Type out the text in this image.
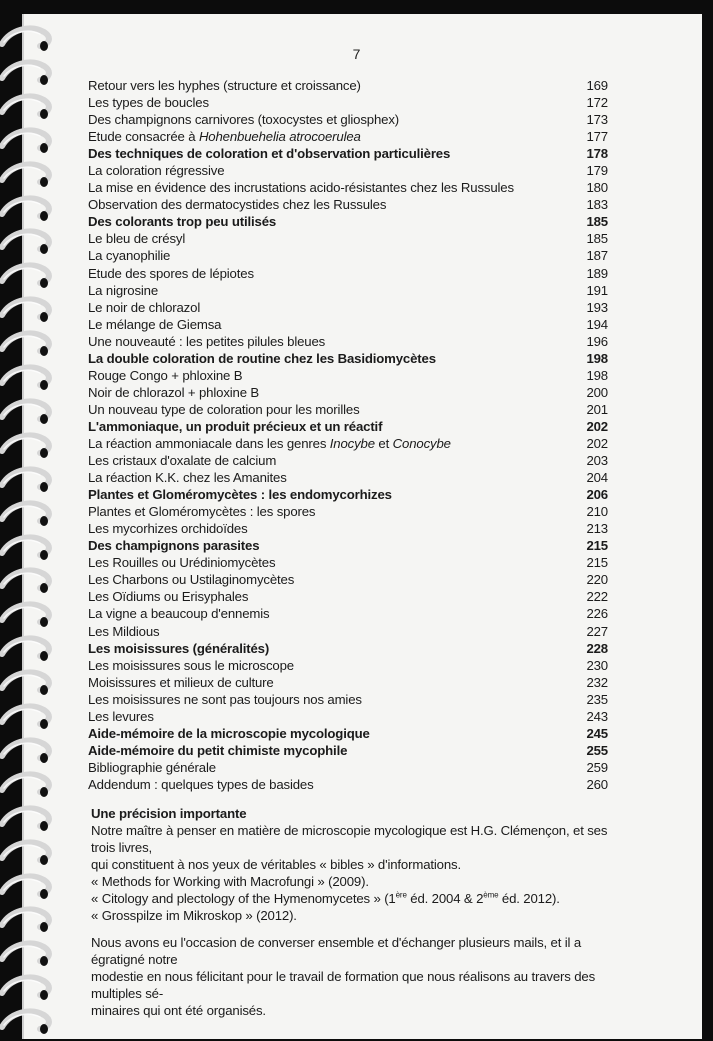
7
Retour vers les hyphes (structure et croissance)	169
Les types de boucles	172
Des champignons carnivores (toxocystes et gliosphex)	173
Etude consacrée à Hohenbuehelia atrocoerulea	177
Des techniques de coloration et d'observation particulières	178
La coloration régressive	179
La mise en évidence des incrustations acido-résistantes chez les Russules	180
Observation des dermatocystides chez les Russules	183
Des colorants trop peu utilisés	185
Le bleu de crésyl	185
La cyanophilie	187
Etude des spores de lépiotes	189
La nigrosine	191
Le noir de chlorazol	193
Le mélange de Giemsa	194
Une nouveauté : les petites pilules bleues	196
La double coloration de routine chez les Basidiomycètes	198
Rouge Congo + phloxine B	198
Noir de chlorazol + phloxine B	200
Un nouveau type de coloration pour les morilles	201
L'ammoniaque, un produit précieux et un réactif	202
La réaction ammoniacale dans les genres Inocybe et Conocybe	202
Les cristaux d'oxalate de calcium	203
La réaction K.K. chez les Amanites	204
Plantes et Gloméromycètes : les endomycorhizes	206
Plantes et Gloméromycètes : les spores	210
Les mycorhizes orchidoïdes	213
Des champignons parasites	215
Les Rouilles ou Urédiniomycètes	215
Les Charbons ou Ustilaginomycètes	220
Les Oïdiums ou Erisyphales	222
La vigne a beaucoup d'ennemis	226
Les Mildious	227
Les moisissures (généralités)	228
Les moisissures sous le microscope	230
Moisissures et milieux de culture	232
Les moisissures ne sont pas toujours nos amies	235
Les levures	243
Aide-mémoire de la microscopie mycologique	245
Aide-mémoire du petit chimiste mycophile	255
Bibliographie générale	259
Addendum : quelques types de basides	260

Une précision importante

Notre maître à penser en matière de microscopie mycologique est H.G. Clémençon, et ses trois livres,

qui constituent à nos yeux de véritables « bibles » d'informations.

« Methods for Working with Macrofungi » (2009).

« Citology and plectology of the Hymenomycetes » (1ère éd. 2004 & 2ème éd. 2012).

« Grosspilze im Mikroskop » (2012).

Nous avons eu l'occasion de converser ensemble et d'échanger plusieurs mails, et il a égratigné notre

modestie en nous félicitant pour le travail de formation que nous réalisons au travers des multiples sé-

minaires qui ont été organisés.
